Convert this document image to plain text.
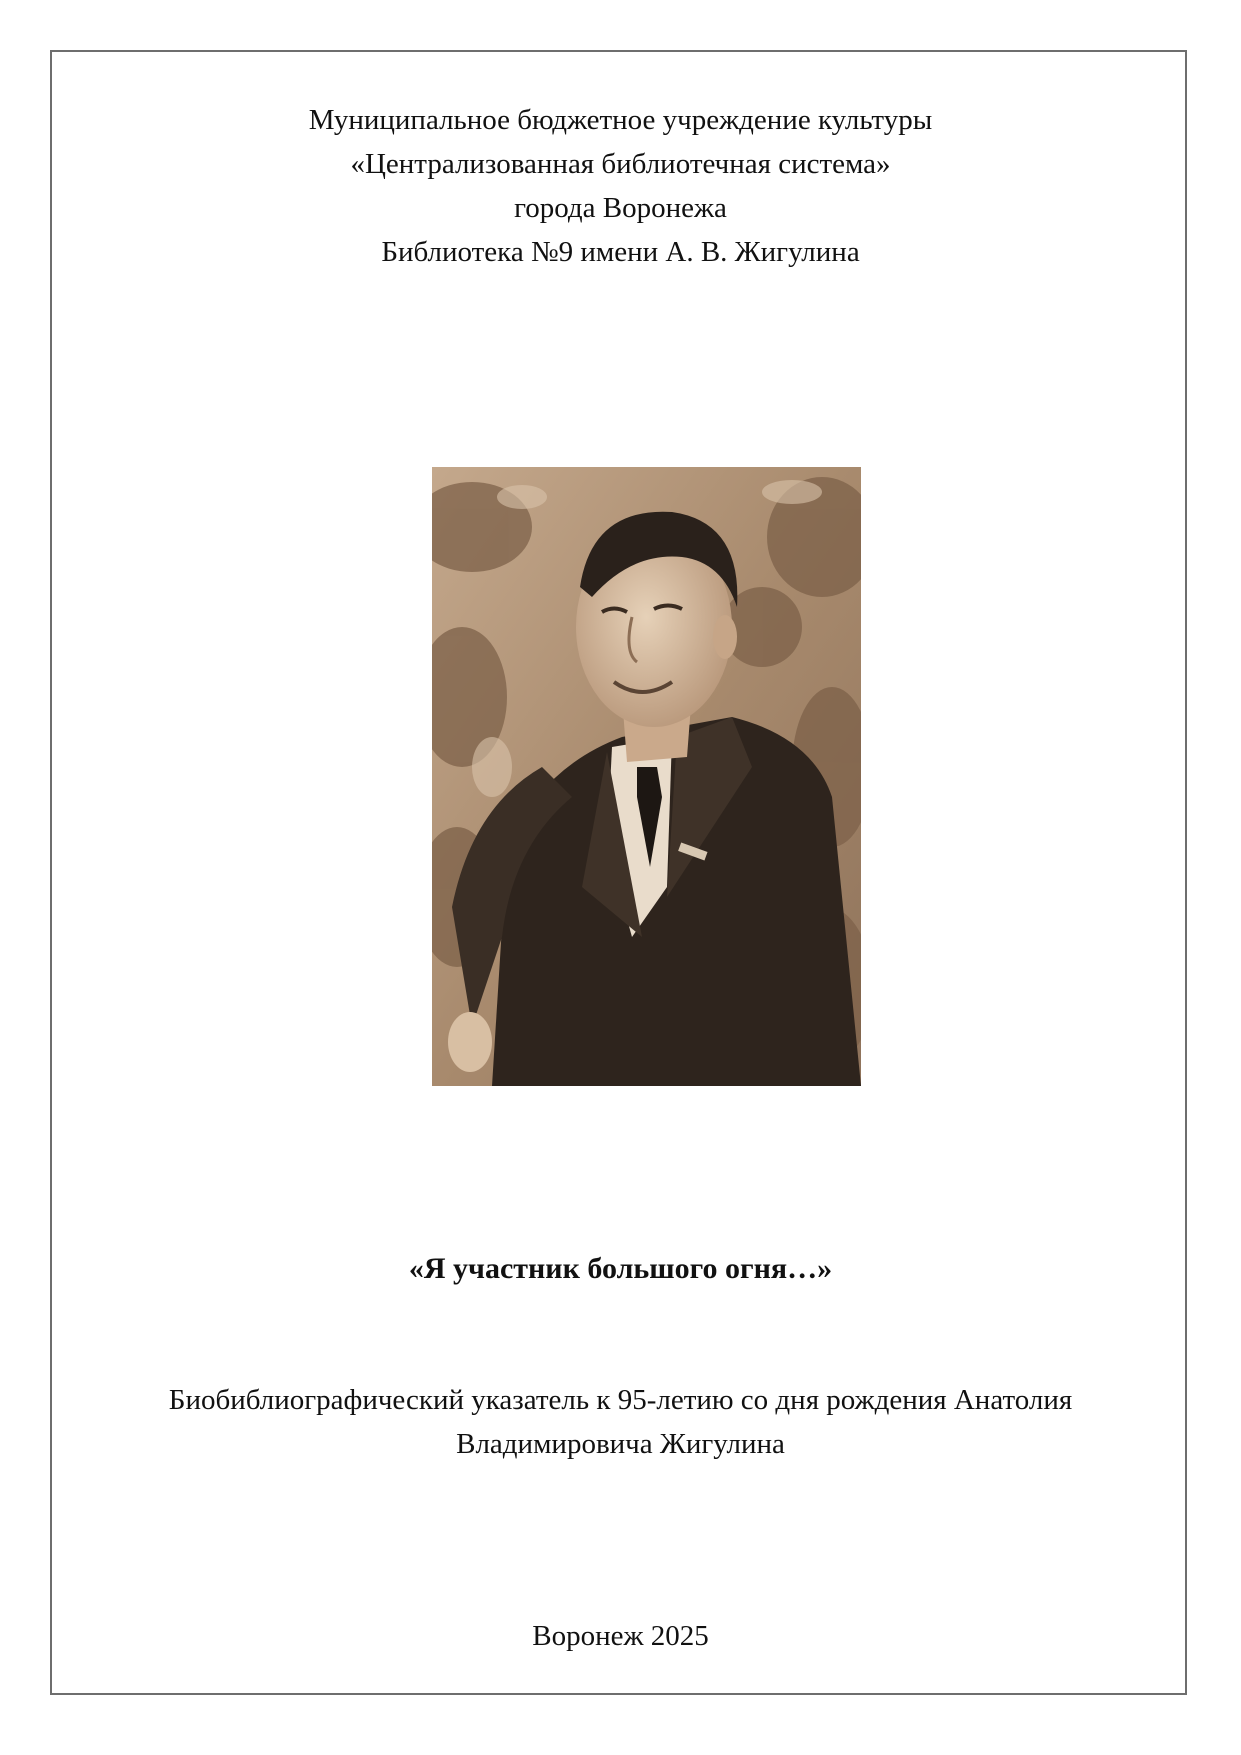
Муниципальное бюджетное учреждение культуры
«Централизованная библиотечная система»
города Воронежа
Библиотека №9 имени А. В. Жигулина
«Я участник большого огня…»
Биобиблиографический указатель к 95-летию со дня рождения Анатолия
Владимировича Жигулина
Воронеж 2025
